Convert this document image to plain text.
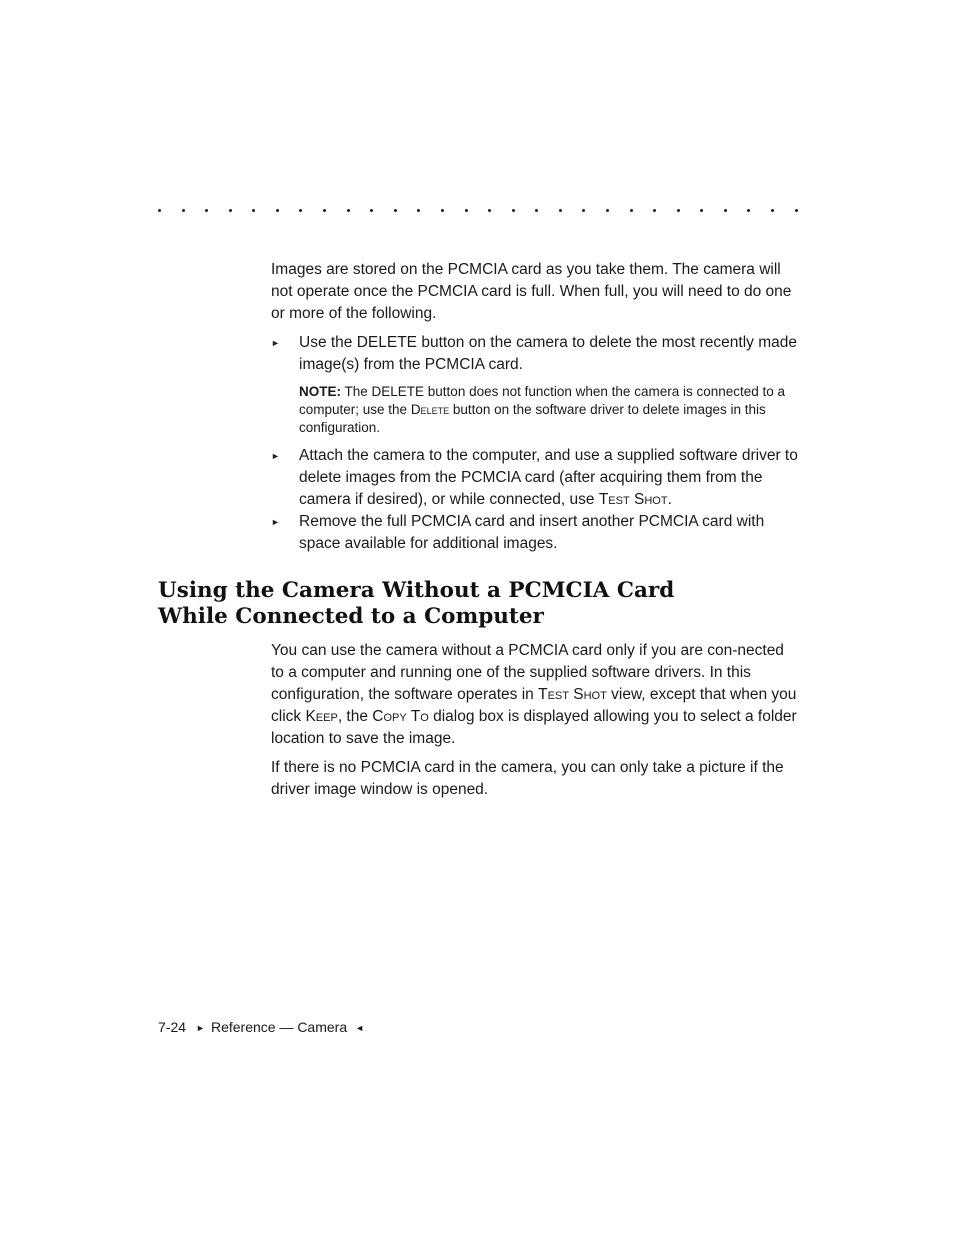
Images are stored on the PCMCIA card as you take them. The camera will not operate once the PCMCIA card is full. When full, you will need to do one or more of the following.

► Use the DELETE button on the camera to delete the most recently made image(s) from the PCMCIA card.
NOTE: The DELETE button does not function when the camera is connected to a computer; use the Delete button on the software driver to delete images in this configuration.
► Attach the camera to the computer, and use a supplied software driver to delete images from the PCMCIA card (after acquiring them from the camera if desired), or while connected, use Test Shot.
► Remove the full PCMCIA card and insert another PCMCIA card with space available for additional images.
Using the Camera Without a PCMCIA Card
While Connected to a Computer

You can use the camera without a PCMCIA card only if you are con-nected to a computer and running one of the supplied software drivers. In this configuration, the software operates in Test Shot view, except that when you click Keep, the Copy To dialog box is displayed allowing you to select a folder location to save the image.

If there is no PCMCIA card in the camera, you can only take a picture if the driver image window is opened.

7-24 ► Reference — Camera ◄
